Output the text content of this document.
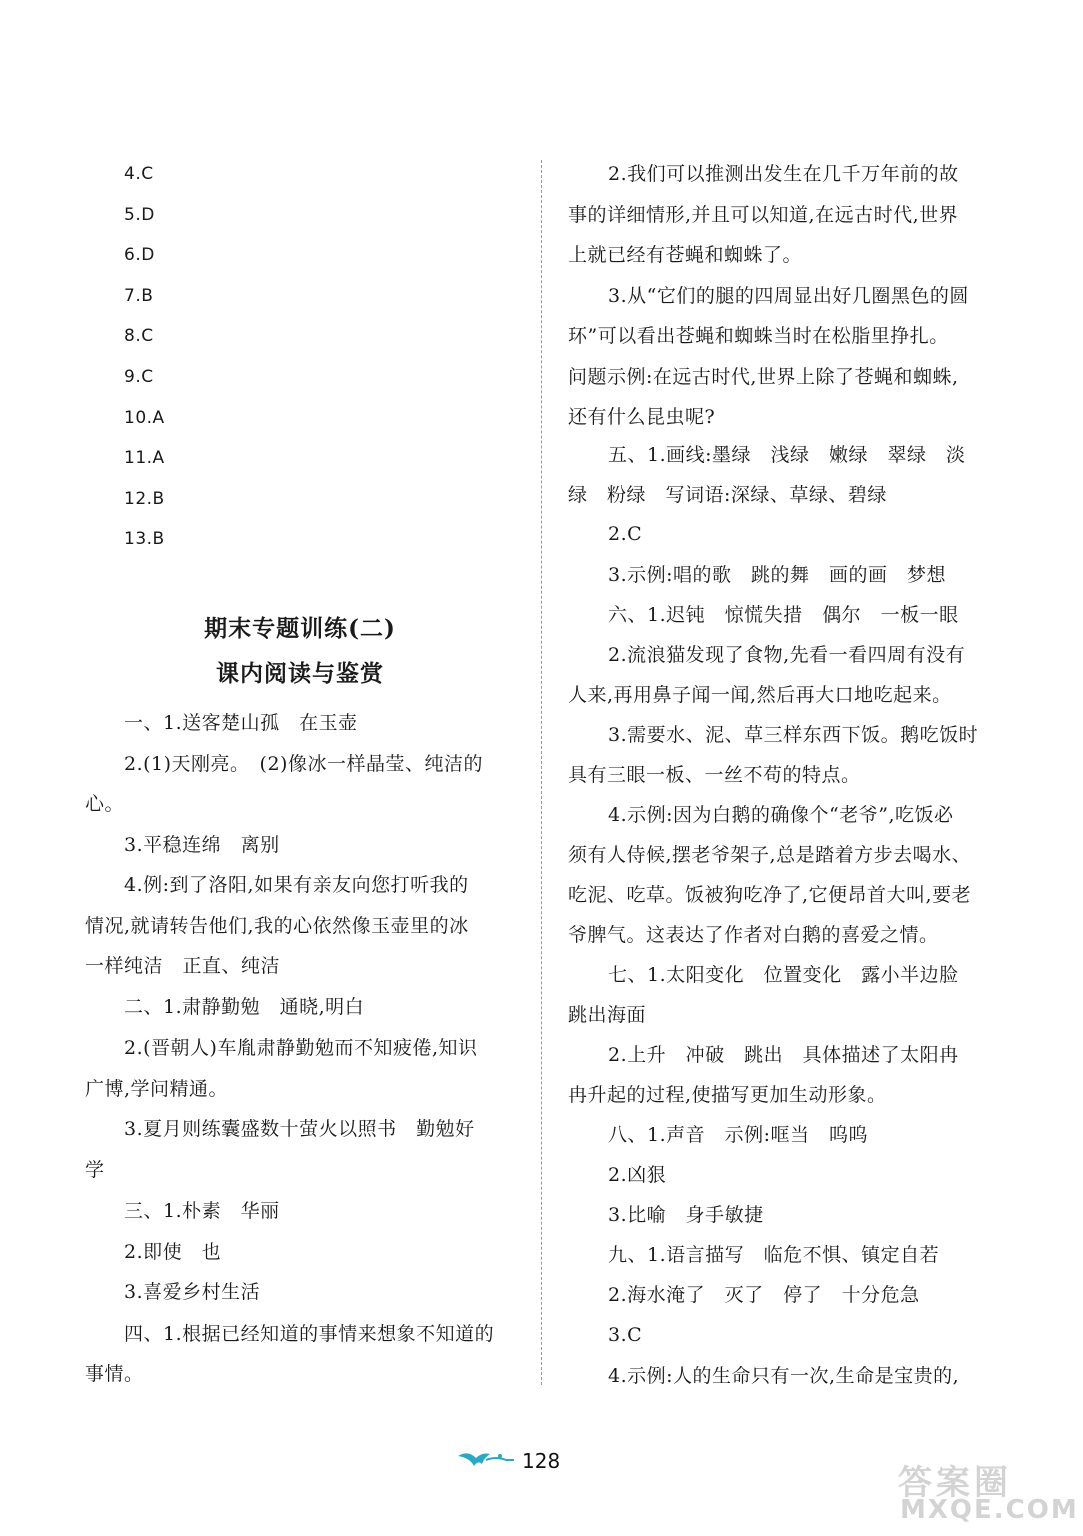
4.C
5.D
6.D
7.B
8.C
9.C
10.A
11.A
12.B
13.B
期末专题训练(二)
课内阅读与鉴赏
一、1.送客楚山孤　在玉壶
2.(1)天刚亮。　(2)像冰一样晶莹、纯洁的
心。
3.平稳连绵　离别
4.例:到了洛阳,如果有亲友向您打听我的
情况,就请转告他们,我的心依然像玉壶里的冰
一样纯洁　正直、纯洁
二、1.肃静勤勉　通晓,明白
2.(晋朝人)车胤肃静勤勉而不知疲倦,知识
广博,学问精通。
3.夏月则练囊盛数十萤火以照书　勤勉好
学
三、1.朴素　华丽
2.即使　也
3.喜爱乡村生活
四、1.根据已经知道的事情来想象不知道的
事情。
2.我们可以推测出发生在几千万年前的故
事的详细情形,并且可以知道,在远古时代,世界
上就已经有苍蝇和蜘蛛了。
3.从“它们的腿的四周显出好几圈黑色的圆
环”可以看出苍蝇和蜘蛛当时在松脂里挣扎。
问题示例:在远古时代,世界上除了苍蝇和蜘蛛,
还有什么昆虫呢?
五、1.画线:墨绿　浅绿　嫩绿　翠绿　淡
绿　粉绿　写词语:深绿、草绿、碧绿
2.C
3.示例:唱的歌　跳的舞　画的画　梦想
六、1.迟钝　惊慌失措　偶尔　一板一眼
2.流浪猫发现了食物,先看一看四周有没有
人来,再用鼻子闻一闻,然后再大口地吃起来。
3.需要水、泥、草三样东西下饭。鹅吃饭时
具有三眼一板、一丝不苟的特点。
4.示例:因为白鹅的确像个“老爷”,吃饭必
须有人侍候,摆老爷架子,总是踏着方步去喝水、
吃泥、吃草。饭被狗吃净了,它便昂首大叫,要老
爷脾气。这表达了作者对白鹅的喜爱之情。
七、1.太阳变化　位置变化　露小半边脸
跳出海面
2.上升　冲破　跳出　具体描述了太阳冉
冉升起的过程,使描写更加生动形象。
八、1.声音　示例:哐当　呜呜
2.凶狠
3.比喻　身手敏捷
九、1.语言描写　临危不惧、镇定自若
2.海水淹了　灭了　停了　十分危急
3.C
4.示例:人的生命只有一次,生命是宝贵的,
128
答案圈
MXQE.COM
